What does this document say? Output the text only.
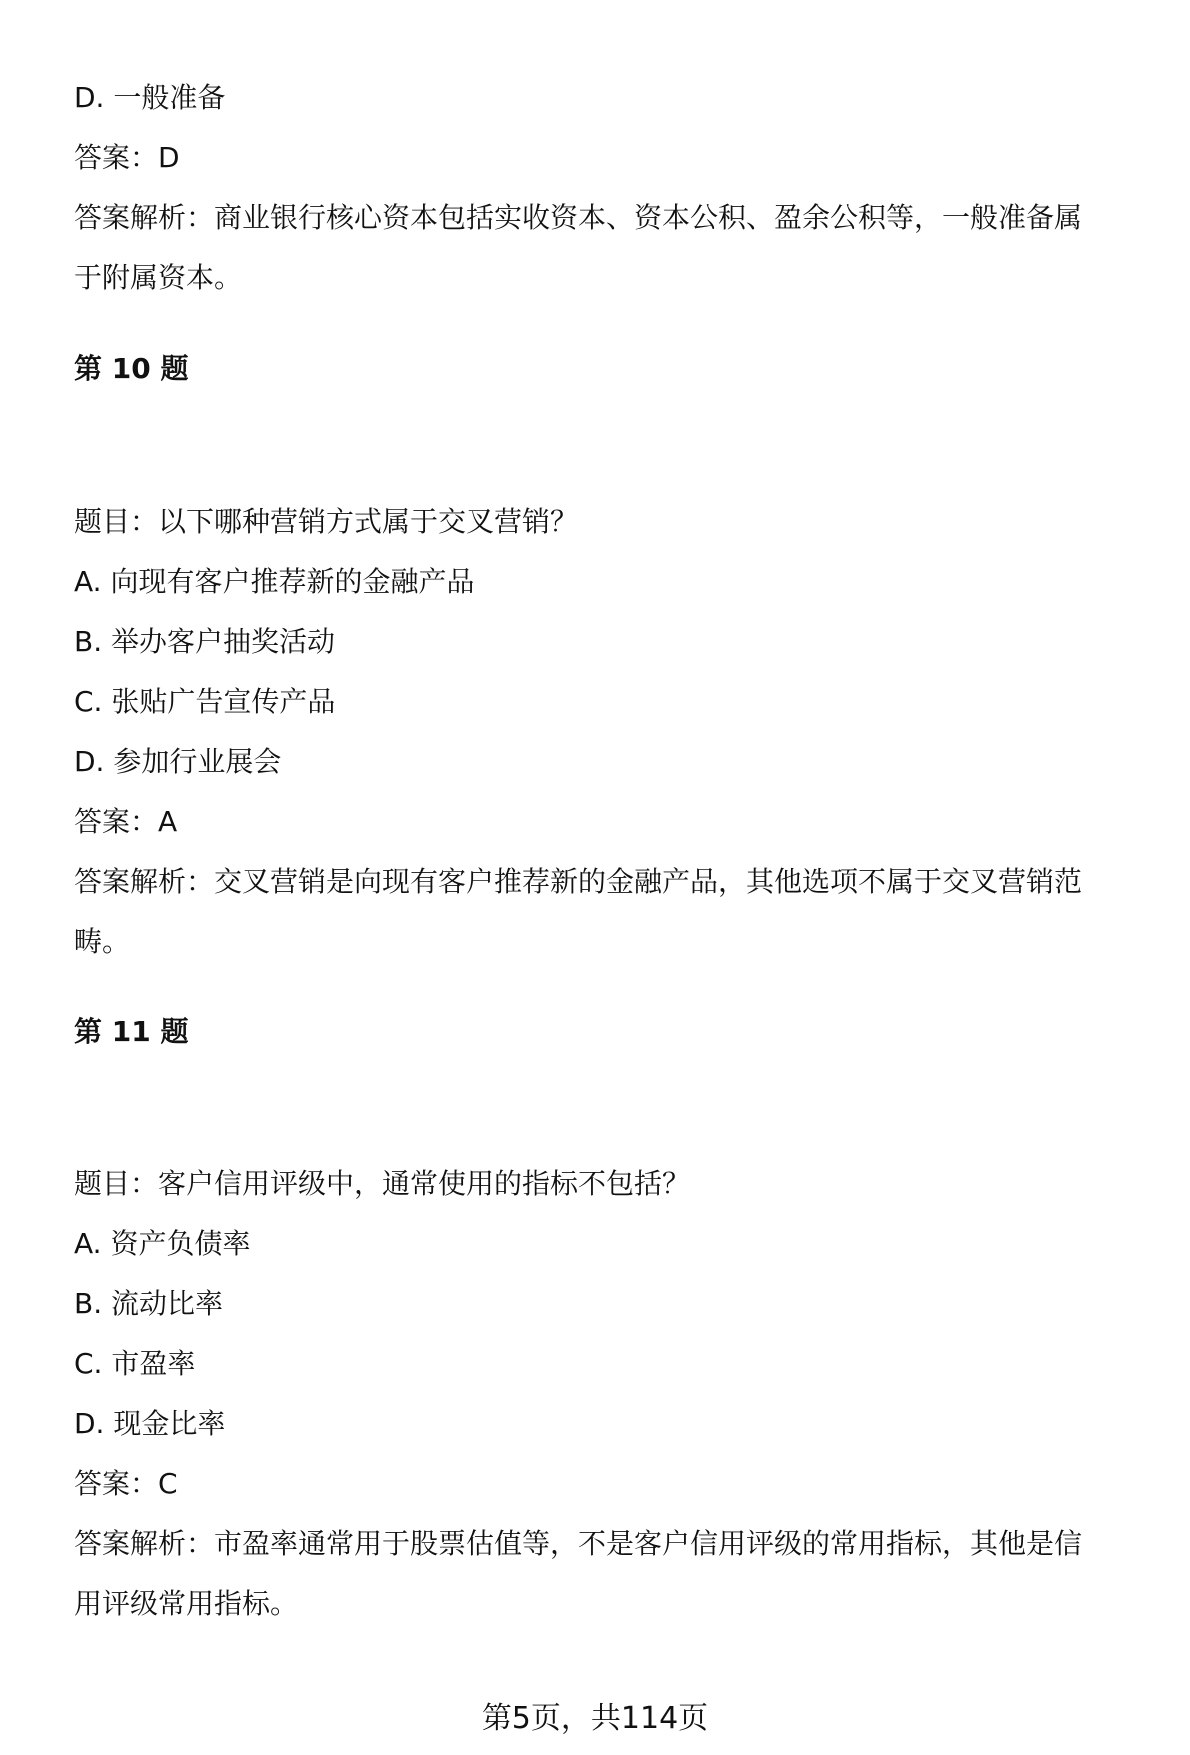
D. 一般准备
答案：D
答案解析：商业银行核心资本包括实收资本、资本公积、盈余公积等，一般准备属
于附属资本。
第 10 题
题目：以下哪种营销方式属于交叉营销？
A. 向现有客户推荐新的金融产品
B. 举办客户抽奖活动
C. 张贴广告宣传产品
D. 参加行业展会
答案：A
答案解析：交叉营销是向现有客户推荐新的金融产品，其他选项不属于交叉营销范
畴。
第 11 题
题目：客户信用评级中，通常使用的指标不包括？
A. 资产负债率
B. 流动比率
C. 市盈率
D. 现金比率
答案：C
答案解析：市盈率通常用于股票估值等，不是客户信用评级的常用指标，其他是信
用评级常用指标。
第5页，共114页
